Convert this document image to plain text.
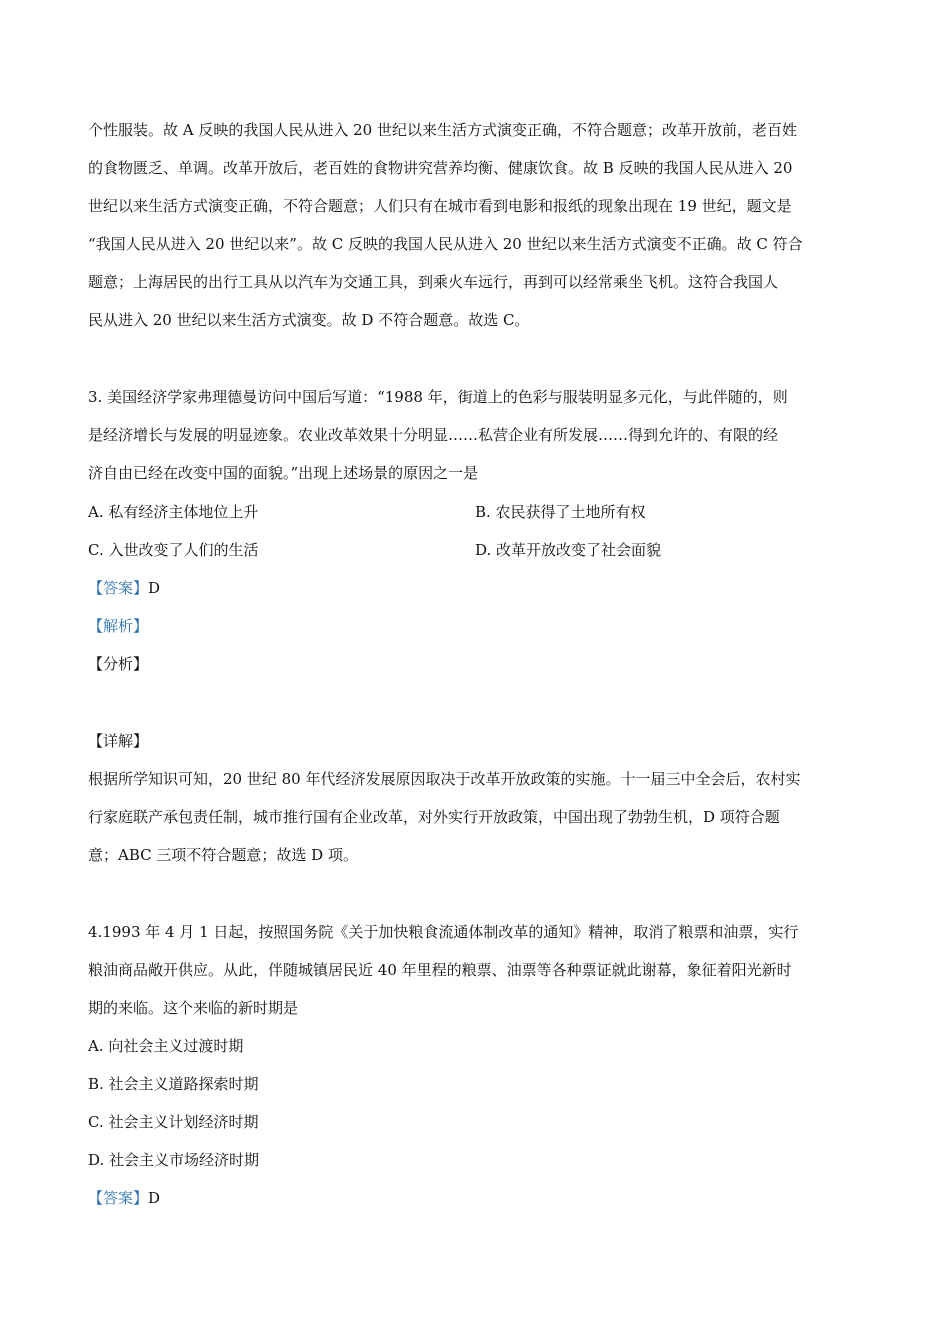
个性服装。故 A 反映的我国人民从进入 20 世纪以来生活方式演变正确，不符合题意；改革开放前，老百姓
的食物匮乏、单调。改革开放后，老百姓的食物讲究营养均衡、健康饮食。故 B 反映的我国人民从进入 20
世纪以来生活方式演变正确，不符合题意；人们只有在城市看到电影和报纸的现象出现在 19 世纪，题文是
“我国人民从进入 20 世纪以来”。故 C 反映的我国人民从进入 20 世纪以来生活方式演变不正确。故 C 符合
题意；上海居民的出行工具从以汽车为交通工具，到乘火车远行，再到可以经常乘坐飞机。这符合我国人
民从进入 20 世纪以来生活方式演变。故 D 不符合题意。故选 C。
3. 美国经济学家弗理德曼访问中国后写道：“1988 年，街道上的色彩与服装明显多元化，与此伴随的，则
是经济增长与发展的明显迹象。农业改革效果十分明显……私营企业有所发展……得到允许的、有限的经
济自由已经在改变中国的面貌。”出现上述场景的原因之一是
A. 私有经济主体地位上升	B. 农民获得了土地所有权
C. 入世改变了人们的生活	D. 改革开放改变了社会面貌
【答案】D
【解析】
【分析】
【详解】
根据所学知识可知，20 世纪 80 年代经济发展原因取决于改革开放政策的实施。十一届三中全会后，农村实
行家庭联产承包责任制，城市推行国有企业改革，对外实行开放政策，中国出现了勃勃生机，D 项符合题
意；ABC 三项不符合题意；故选 D 项。
4.1993 年 4 月 1 日起，按照国务院《关于加快粮食流通体制改革的通知》精神，取消了粮票和油票，实行
粮油商品敞开供应。从此，伴随城镇居民近 40 年里程的粮票、油票等各种票证就此谢幕，象征着阳光新时
期的来临。这个来临的新时期是
A. 向社会主义过渡时期
B. 社会主义道路探索时期
C. 社会主义计划经济时期
D. 社会主义市场经济时期
【答案】D
